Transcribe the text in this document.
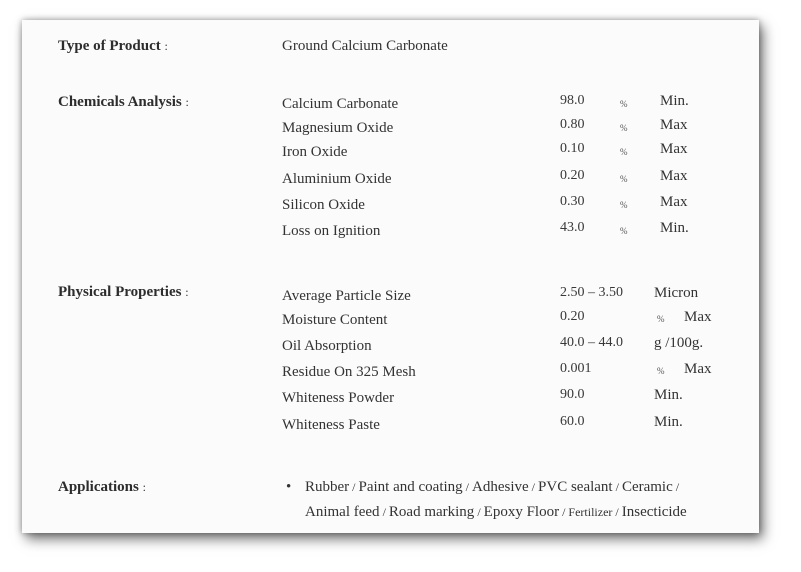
Type of Product :	Ground Calcium Carbonate
Chemicals Analysis :	Calcium Carbonate	98.0	% Min.
Magnesium Oxide	0.80	% Max
Iron Oxide	0.10	% Max
Aluminium Oxide	0.20	% Max
Silicon Oxide	0.30	% Max
Loss on Ignition	43.0	% Min.
Physical Properties :	Average Particle Size	2.50 – 3.50 Micron
Moisture Content	0.20	% Max
Oil Absorption	40.0 – 44.0 g /100g.
Residue On 325 Mesh	0.001	% Max
Whiteness Powder	90.0	Min.
Whiteness Paste	60.0	Min.
Applications :	• Rubber / Paint and coating / Adhesive / PVC sealant / Ceramic /
Animal feed / Road marking / Epoxy Floor / Fertilizer / Insecticide
